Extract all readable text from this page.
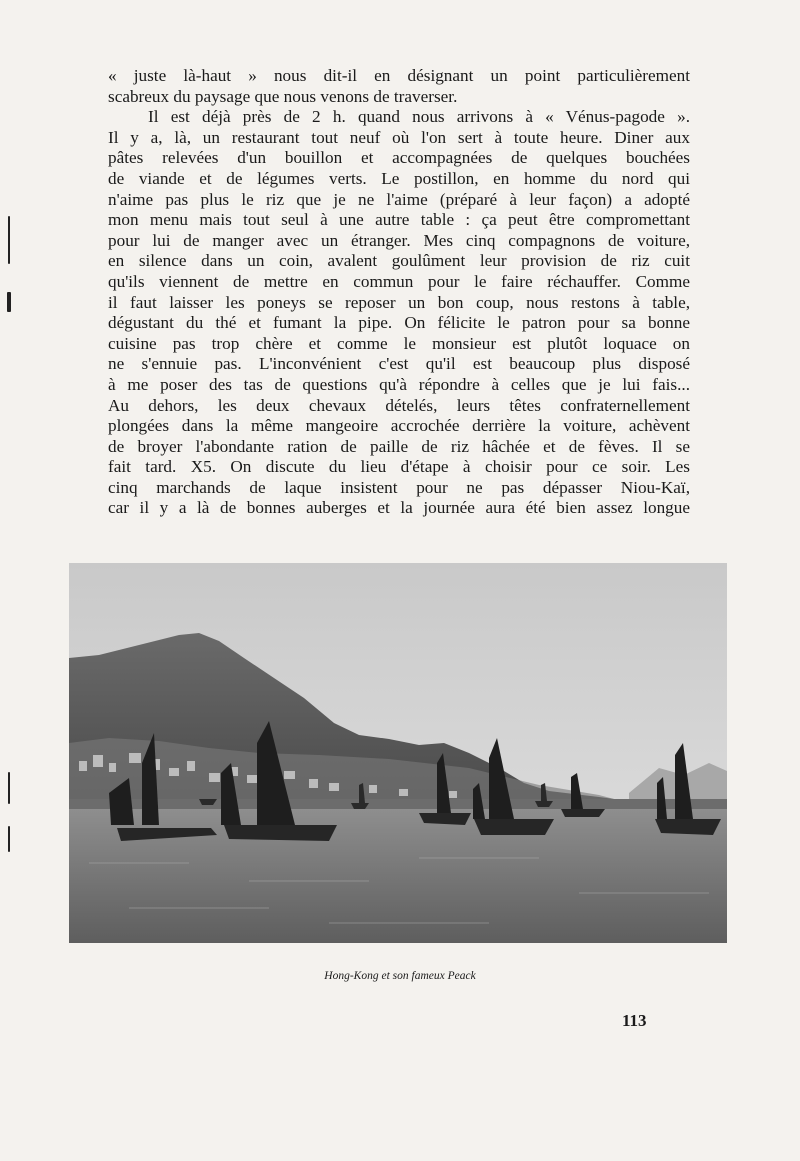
« juste là-haut » nous dit-il en désignant un point particulièrement
scabreux du paysage que nous venons de traverser.
Il est déjà près de 2 h. quand nous arrivons à « Vénus-pagode ».
Il y a, là, un restaurant tout neuf où l'on sert à toute heure. Diner aux
pâtes relevées d'un bouillon et accompagnées de quelques bouchées
de viande et de légumes verts. Le postillon, en homme du nord qui
n'aime pas plus le riz que je ne l'aime (préparé à leur façon) a adopté
mon menu mais tout seul à une autre table : ça peut être compromettant
pour lui de manger avec un étranger. Mes cinq compagnons de voiture,
en silence dans un coin, avalent goulûment leur provision de riz cuit
qu'ils viennent de mettre en commun pour le faire réchauffer. Comme
il faut laisser les poneys se reposer un bon coup, nous restons à table,
dégustant du thé et fumant la pipe. On félicite le patron pour sa bonne
cuisine pas trop chère et comme le monsieur est plutôt loquace on
ne s'ennuie pas. L'inconvénient c'est qu'il est beaucoup plus disposé
à me poser des tas de questions qu'à répondre à celles que je lui fais...
Au dehors, les deux chevaux dételés, leurs têtes confraternellement
plongées dans la même mangeoire accrochée derrière la voiture, achèvent
de broyer l'abondante ration de paille de riz hâchée et de fèves. Il se
fait tard. X5. On discute du lieu d'étape à choisir pour ce soir. Les
cinq marchands de laque insistent pour ne pas dépasser Niou-Kaï,
car il y a là de bonnes auberges et la journée aura été bien assez longue
Hong-Kong et son fameux Peack
113
